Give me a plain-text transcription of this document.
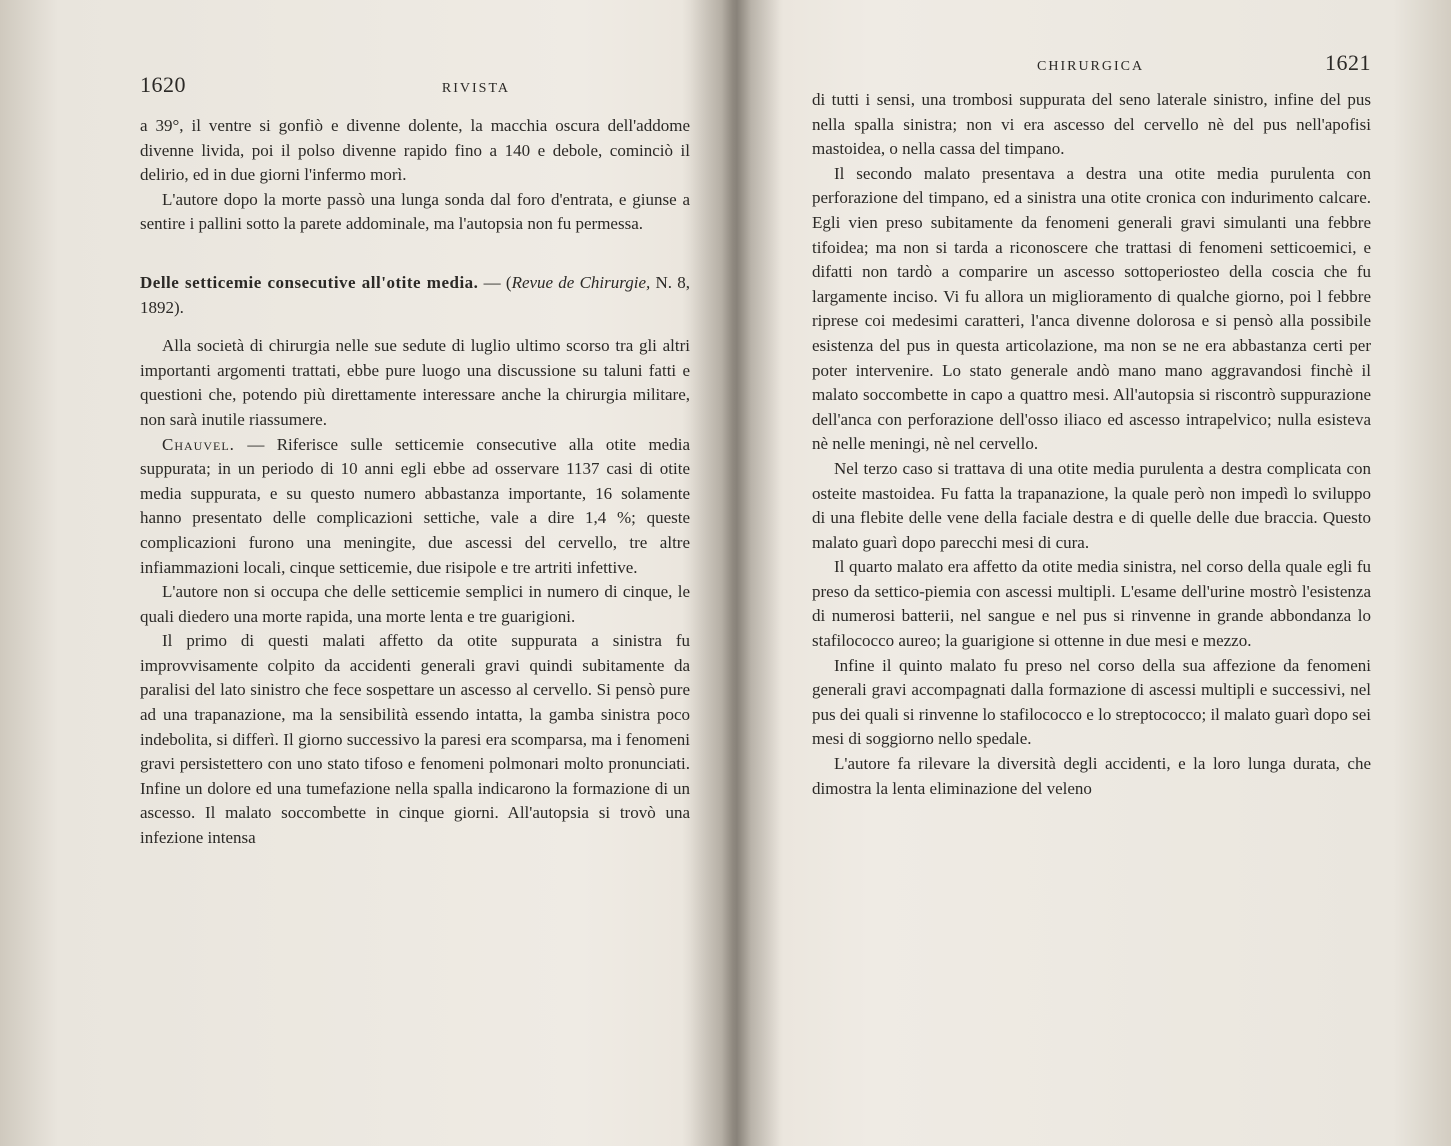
1620	RIVISTA

a 39°, il ventre si gonfiò e divenne dolente, la macchia oscura dell'addome divenne livida, poi il polso divenne rapido fino a 140 e debole, cominciò il delirio, ed in due giorni l'infermo morì.

L'autore dopo la morte passò una lunga sonda dal foro d'entrata, e giunse a sentire i pallini sotto la parete addominale, ma l'autopsia non fu permessa.

Delle setticemie consecutive all'otite media. — (Revue de Chirurgie, N. 8, 1892).

Alla società di chirurgia nelle sue sedute di luglio ultimo scorso tra gli altri importanti argomenti trattati, ebbe pure luogo una discussione su taluni fatti e questioni che, potendo più direttamente interessare anche la chirurgia militare, non sarà inutile riassumere.

Chauvel. — Riferisce sulle setticemie consecutive alla otite media suppurata; in un periodo di 10 anni egli ebbe ad osservare 1137 casi di otite media suppurata, e su questo numero abbastanza importante, 16 solamente hanno presentato delle complicazioni settiche, vale a dire 1,4 %; queste complicazioni furono una meningite, due ascessi del cervello, tre altre infiammazioni locali, cinque setticemie, due risipole e tre artriti infettive.

L'autore non si occupa che delle setticemie semplici in numero di cinque, le quali diedero una morte rapida, una morte lenta e tre guarigioni.

Il primo di questi malati affetto da otite suppurata a sinistra fu improvvisamente colpito da accidenti generali gravi quindi subitamente da paralisi del lato sinistro che fece sospettare un ascesso al cervello. Si pensò pure ad una trapanazione, ma la sensibilità essendo intatta, la gamba sinistra poco indebolita, si differì. Il giorno successivo la paresi era scomparsa, ma i fenomeni gravi persistettero con uno stato tifoso e fenomeni polmonari molto pronunciati. Infine un dolore ed una tumefazione nella spalla indicarono la formazione di un ascesso. Il malato soccombette in cinque giorni. All'autopsia si trovò una infezione intensa

CHIRURGICA	1621

di tutti i sensi, una trombosi suppurata del seno laterale sinistro, infine del pus nella spalla sinistra; non vi era ascesso del cervello nè del pus nell'apofisi mastoidea, o nella cassa del timpano.

Il secondo malato presentava a destra una otite media purulenta con perforazione del timpano, ed a sinistra una otite cronica con indurimento calcare. Egli vien preso subitamente da fenomeni generali gravi simulanti una febbre tifoidea; ma non si tarda a riconoscere che trattasi di fenomeni setticoemici, e difatti non tardò a comparire un ascesso sottoperiosteo della coscia che fu largamente inciso. Vi fu allora un miglioramento di qualche giorno, poi l febbre riprese coi medesimi caratteri, l'anca divenne dolorosa e si pensò alla possibile esistenza del pus in questa articolazione, ma non se ne era abbastanza certi per poter intervenire. Lo stato generale andò mano mano aggravandosi finchè il malato soccombette in capo a quattro mesi. All'autopsia si riscontrò suppurazione dell'anca con perforazione dell'osso iliaco ed ascesso intrapelvico; nulla esisteva nè nelle meningi, nè nel cervello.

Nel terzo caso si trattava di una otite media purulenta a destra complicata con osteite mastoidea. Fu fatta la trapanazione, la quale però non impedì lo sviluppo di una flebite delle vene della faciale destra e di quelle delle due braccia. Questo malato guarì dopo parecchi mesi di cura.

Il quarto malato era affetto da otite media sinistra, nel corso della quale egli fu preso da settico-piemia con ascessi multipli. L'esame dell'urine mostrò l'esistenza di numerosi batterii, nel sangue e nel pus si rinvenne in grande abbondanza lo stafilococco aureo; la guarigione si ottenne in due mesi e mezzo.

Infine il quinto malato fu preso nel corso della sua affezione da fenomeni generali gravi accompagnati dalla formazione di ascessi multipli e successivi, nel pus dei quali si rinvenne lo stafilococco e lo streptococco; il malato guarì dopo sei mesi di soggiorno nello spedale.

L'autore fa rilevare la diversità degli accidenti, e la loro lunga durata, che dimostra la lenta eliminazione del veleno
